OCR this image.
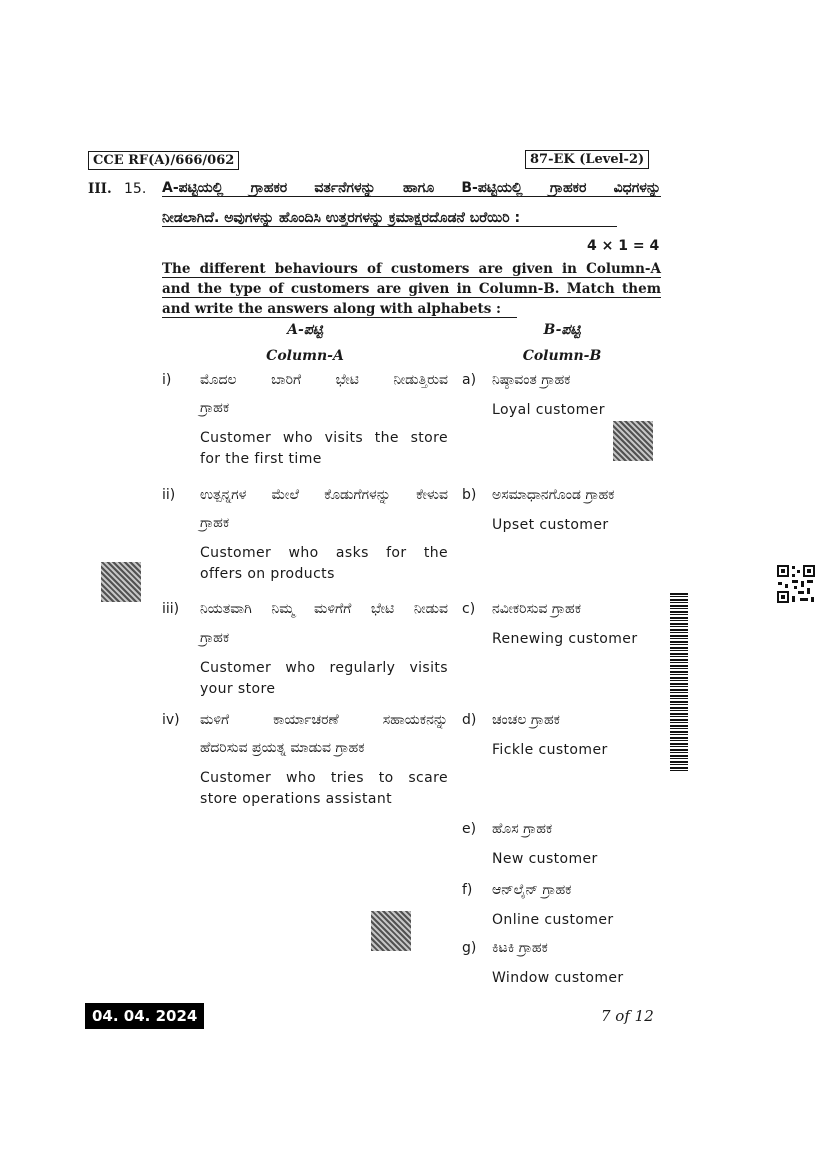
CCE RF(A)/666/062	87-EK (Level-2)
III. 15. A-ಪಟ್ಟಿಯಲ್ಲಿ ಗ್ರಾಹಕರ ವರ್ತನೆಗಳನ್ನು ಹಾಗೂ B-ಪಟ್ಟಿಯಲ್ಲಿ ಗ್ರಾಹಕರ ವಿಧಗಳನ್ನು
ನೀಡಲಾಗಿದೆ. ಅವುಗಳನ್ನು ಹೊಂದಿಸಿ ಉತ್ತರಗಳನ್ನು ಕ್ರಮಾಕ್ಷರದೊಡನೆ ಬರೆಯಿರಿ :
4 × 1 = 4
The different behaviours of customers are given in Column-A
and the type of customers are given in Column-B. Match them
and write the answers along with alphabets :
A-ಪಟ್ಟಿ
Column-A
B-ಪಟ್ಟಿ
Column-B
i) ಮೊದಲ ಬಾರಿಗೆ ಭೇಟಿ ನೀಡುತ್ತಿರುವ
ಗ್ರಾಹಕ
Customer who visits the store
for the first time
ii) ಉತ್ಪನ್ನಗಳ ಮೇಲೆ ಕೊಡುಗೆಗಳನ್ನು ಕೇಳುವ
ಗ್ರಾಹಕ
Customer who asks for the
offers on products
iii) ನಿಯತವಾಗಿ ನಿಮ್ಮ ಮಳಿಗೆಗೆ ಭೇಟಿ ನೀಡುವ
ಗ್ರಾಹಕ
Customer who regularly visits
your store
iv) ಮಳಿಗೆ ಕಾರ್ಯಾಚರಣೆ ಸಹಾಯಕನನ್ನು
ಹೆದರಿಸುವ ಪ್ರಯತ್ನ ಮಾಡುವ ಗ್ರಾಹಕ
Customer who tries to scare
store operations assistant
a) ನಿಷ್ಠಾವಂತ ಗ್ರಾಹಕ
Loyal customer
b) ಅಸಮಾಧಾನಗೊಂಡ ಗ್ರಾಹಕ
Upset customer
c) ನವೀಕರಿಸುವ ಗ್ರಾಹಕ
Renewing customer
d) ಚಂಚಲ ಗ್ರಾಹಕ
Fickle customer
e) ಹೊಸ ಗ್ರಾಹಕ
New customer
f) ಆನ್‌ಲೈನ್ ಗ್ರಾಹಕ
Online customer
g) ಕಿಟಕಿ ಗ್ರಾಹಕ
Window customer
04. 04. 2024	7 of 12
